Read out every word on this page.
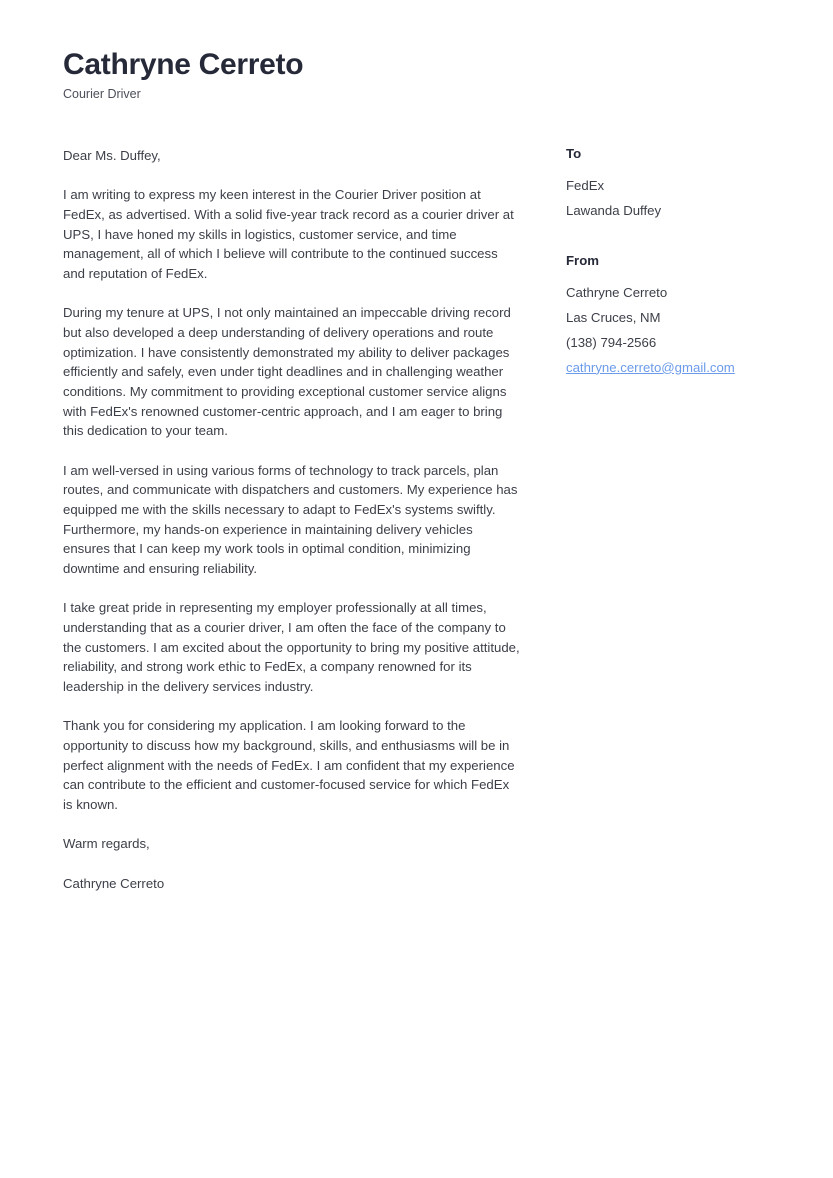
Cathryne Cerreto

Courier Driver

Dear Ms. Duffey,

I am writing to express my keen interest in the Courier Driver position at FedEx, as advertised. With a solid five-year track record as a courier driver at UPS, I have honed my skills in logistics, customer service, and time management, all of which I believe will contribute to the continued success and reputation of FedEx.

During my tenure at UPS, I not only maintained an impeccable driving record but also developed a deep understanding of delivery operations and route optimization. I have consistently demonstrated my ability to deliver packages efficiently and safely, even under tight deadlines and in challenging weather conditions. My commitment to providing exceptional customer service aligns with FedEx's renowned customer-centric approach, and I am eager to bring this dedication to your team.

I am well-versed in using various forms of technology to track parcels, plan routes, and communicate with dispatchers and customers. My experience has equipped me with the skills necessary to adapt to FedEx's systems swiftly. Furthermore, my hands-on experience in maintaining delivery vehicles ensures that I can keep my work tools in optimal condition, minimizing downtime and ensuring reliability.

I take great pride in representing my employer professionally at all times, understanding that as a courier driver, I am often the face of the company to the customers. I am excited about the opportunity to bring my positive attitude, reliability, and strong work ethic to FedEx, a company renowned for its leadership in the delivery services industry.

Thank you for considering my application. I am looking forward to the opportunity to discuss how my background, skills, and enthusiasms will be in perfect alignment with the needs of FedEx. I am confident that my experience can contribute to the efficient and customer-focused service for which FedEx is known.

Warm regards,

Cathryne Cerreto

To

FedEx

Lawanda Duffey

From

Cathryne Cerreto

Las Cruces, NM

(138) 794-2566

cathryne.cerreto@gmail.com
